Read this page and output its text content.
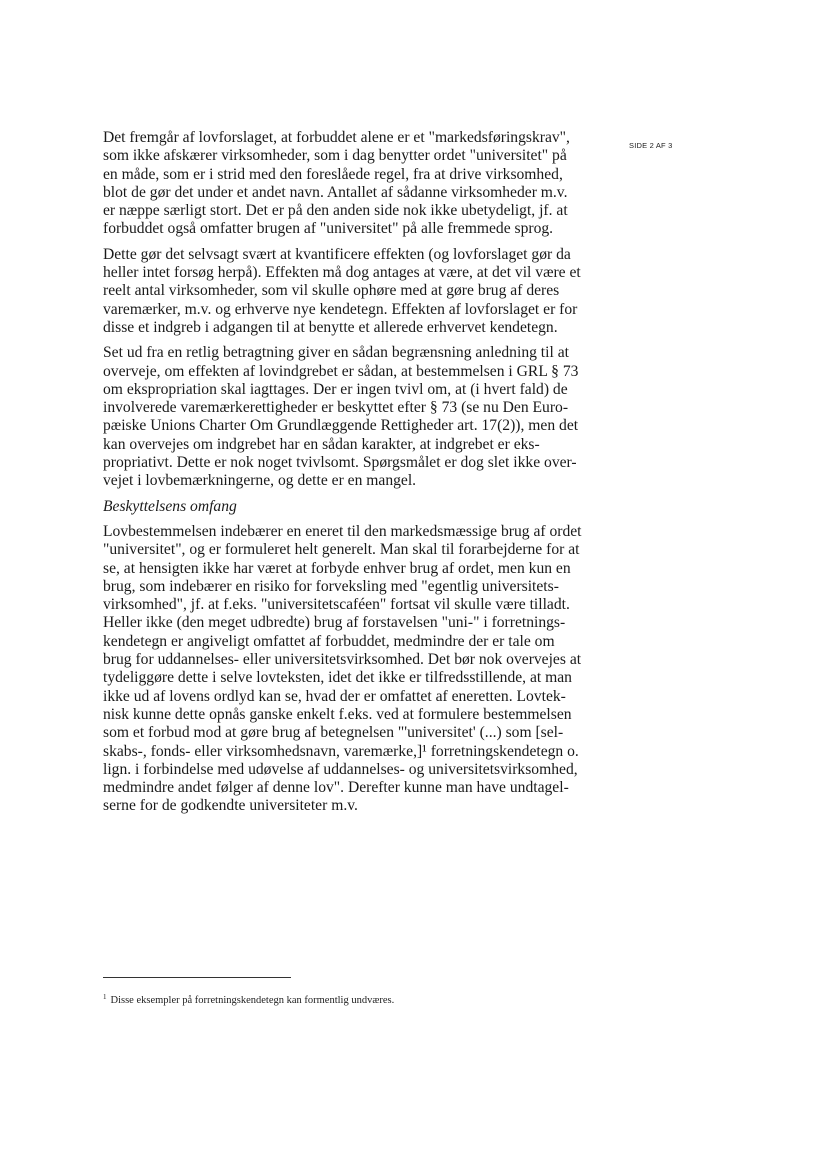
SIDE 2 AF 3

Det fremgår af lovforslaget, at forbuddet alene er et "markedsføringskrav",
som ikke afskærer virksomheder, som i dag benytter ordet "universitet" på
en måde, som er i strid med den foreslåede regel, fra at drive virksomhed,
blot de gør det under et andet navn. Antallet af sådanne virksomheder m.v.
er næppe særligt stort. Det er på den anden side nok ikke ubetydeligt, jf. at
forbuddet også omfatter brugen af "universitet" på alle fremmede sprog.

Dette gør det selvsagt svært at kvantificere effekten (og lovforslaget gør da
heller intet forsøg herpå). Effekten må dog antages at være, at det vil være et
reelt antal virksomheder, som vil skulle ophøre med at gøre brug af deres
varemærker, m.v. og erhverve nye kendetegn. Effekten af lovforslaget er for
disse et indgreb i adgangen til at benytte et allerede erhvervet kendetegn.

Set ud fra en retlig betragtning giver en sådan begrænsning anledning til at
overveje, om effekten af lovindgrebet er sådan, at bestemmelsen i GRL § 73
om ekspropriation skal iagttages. Der er ingen tvivl om, at (i hvert fald) de
involverede varemærkerettigheder er beskyttet efter § 73 (se nu Den Euro-
pæiske Unions Charter Om Grundlæggende Rettigheder art. 17(2)), men det
kan overvejes om indgrebet har en sådan karakter, at indgrebet er eks-
propriativt. Dette er nok noget tvivlsomt. Spørgsmålet er dog slet ikke over-
vejet i lovbemærkningerne, og dette er en mangel.

Beskyttelsens omfang

Lovbestemmelsen indebærer en eneret til den markedsmæssige brug af ordet
"universitet", og er formuleret helt generelt. Man skal til forarbejderne for at
se, at hensigten ikke har været at forbyde enhver brug af ordet, men kun en
brug, som indebærer en risiko for forveksling med "egentlig universitets-
virksomhed", jf. at f.eks. "universitetscaféen" fortsat vil skulle være tilladt.
Heller ikke (den meget udbredte) brug af forstavelsen "uni-" i forretnings-
kendetegn er angiveligt omfattet af forbuddet, medmindre der er tale om
brug for uddannelses- eller universitetsvirksomhed. Det bør nok overvejes at
tydeliggøre dette i selve lovteksten, idet det ikke er tilfredsstillende, at man
ikke ud af lovens ordlyd kan se, hvad der er omfattet af eneretten. Lovtek-
nisk kunne dette opnås ganske enkelt f.eks. ved at formulere bestemmelsen
som et forbud mod at gøre brug af betegnelsen "'universitet' (...) som [sel-
skabs-, fonds- eller virksomhedsnavn, varemærke,]¹ forretningskendetegn o.
lign. i forbindelse med udøvelse af uddannelses- og universitetsvirksomhed,
medmindre andet følger af denne lov". Derefter kunne man have undtagel-
serne for de godkendte universiteter m.v.

$^1$ Disse eksempler på forretningskendetegn kan formentlig undværes.
